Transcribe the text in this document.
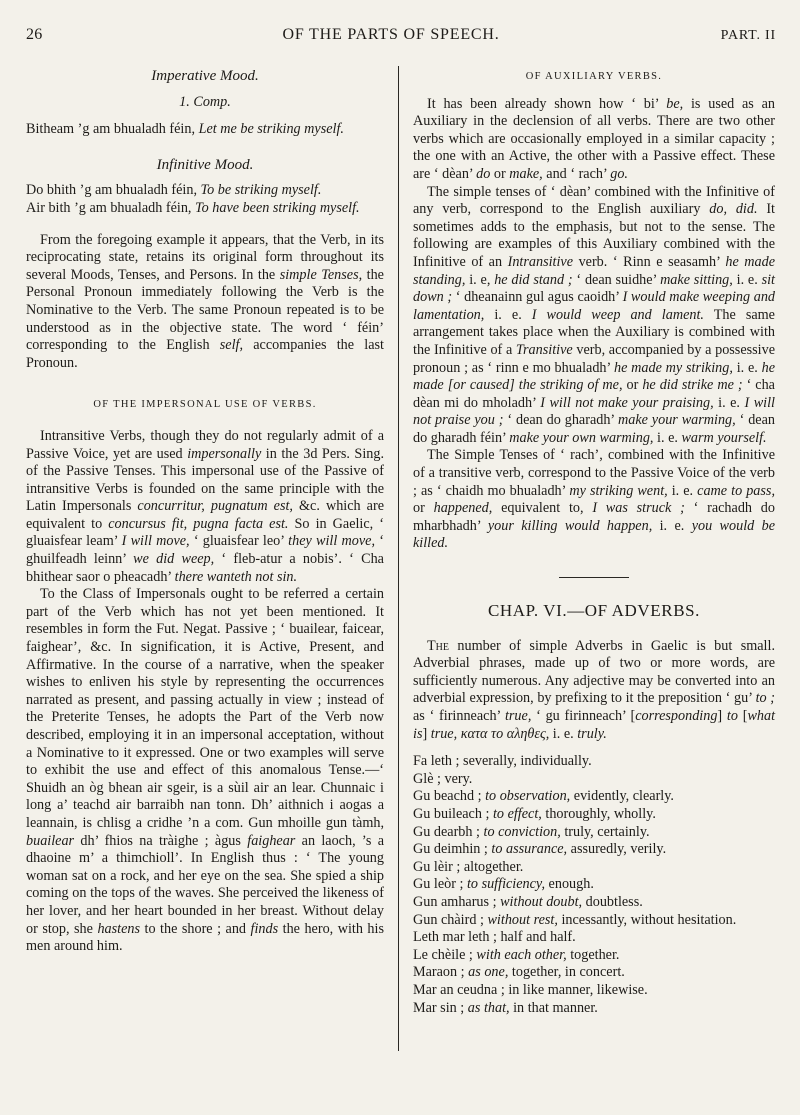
26	OF THE PARTS OF SPEECH.	PART. II

Imperative Mood.

1. Comp.

Bitheam ’g am bhualadh féin, Let me be striking myself.

Infinitive Mood.

Do bhith ’g am bhualadh féin, To be striking myself.

Air bith ’g am bhualadh féin, To have been striking myself.

From the foregoing example it appears, that the Verb, in its reciprocating state, retains its original form throughout its several Moods, Tenses, and Persons. In the simple Tenses, the Personal Pronoun immediately following the Verb is the Nominative to the Verb. The same Pronoun repeated is to be understood as in the objective state. The word ‘ féin’ corresponding to the English self, accompanies the last Pronoun.

OF THE IMPERSONAL USE OF VERBS.

Intransitive Verbs, though they do not regularly admit of a Passive Voice, yet are used impersonally in the 3d Pers. Sing. of the Passive Tenses. This impersonal use of the Passive of intransitive Verbs is founded on the same principle with the Latin Impersonals concurritur, pugnatum est, &c. which are equivalent to concursus fit, pugna facta est. So in Gaelic, ‘ gluaisfear leam’ I will move, ‘ gluaisfear leo’ they will move, ‘ ghuilfeadh leinn’ we did weep, ‘ fleb-atur a nobis’. ‘ Cha bhithear saor o pheacadh’ there wanteth not sin.

To the Class of Impersonals ought to be referred a certain part of the Verb which has not yet been mentioned. It resembles in form the Fut. Negat. Passive ; ‘ buailear, faicear, faighear’, &c. In signification, it is Active, Present, and Affirmative. In the course of a narrative, when the speaker wishes to enliven his style by representing the occurrences narrated as present, and passing actually in view ; instead of the Preterite Tenses, he adopts the Part of the Verb now described, employing it in an impersonal acceptation, without a Nominative to it expressed. One or two examples will serve to exhibit the use and effect of this anomalous Tense.—‘ Shuidh an òg bhean air sgeir, is a sùil air an lear. Chunnaic i long a’ teachd air barraibh nan tonn. Dh’ aithnich i aogas a leannain, is chlisg a cridhe ’n a com. Gun mhoille gun tàmh, buailear dh’ fhios na tràighe ; àgus faighear an laoch, ’s a dhaoine m’ a thimchioll’. In English thus : ‘ The young woman sat on a rock, and her eye on the sea. She spied a ship coming on the tops of the waves. She perceived the likeness of her lover, and her heart bounded in her breast. Without delay or stop, she hastens to the shore ; and finds the hero, with his men around him.

OF AUXILIARY VERBS.

It has been already shown how ‘ bi’ be, is used as an Auxiliary in the declension of all verbs. There are two other verbs which are occasionally employed in a similar capacity ; the one with an Active, the other with a Passive effect. These are ‘ dèan’ do or make, and ‘ rach’ go.

The simple tenses of ‘ dèan’ combined with the Infinitive of any verb, correspond to the English auxiliary do, did. It sometimes adds to the emphasis, but not to the sense. The following are examples of this Auxiliary combined with the Infinitive of an Intransitive verb. ‘ Rinn e seasamh’ he made standing, i. e, he did stand ; ‘ dean suidhe’ make sitting, i. e. sit down ; ‘ dheanainn gul agus caoidh’ I would make weeping and lamentation, i. e. I would weep and lament. The same arrangement takes place when the Auxiliary is combined with the Infinitive of a Transitive verb, accompanied by a possessive pronoun ; as ‘ rinn e mo bhualadh’ he made my striking, i. e. he made [or caused] the striking of me, or he did strike me ; ‘ cha dèan mi do mholadh’ I will not make your praising, i. e. I will not praise you ; ‘ dean do gharadh’ make your warming, ‘ dean do gharadh féin’ make your own warming, i. e. warm yourself.

The Simple Tenses of ‘ rach’, combined with the Infinitive of a transitive verb, correspond to the Passive Voice of the verb ; as ‘ chaidh mo bhualadh’ my striking went, i. e. came to pass, or happened, equivalent to, I was struck ; ‘ rachadh do mharbhadh’ your killing would happen, i. e. you would be killed.

CHAP. VI.—OF ADVERBS.

The number of simple Adverbs in Gaelic is but small. Adverbial phrases, made up of two or more words, are sufficiently numerous. Any adjective may be converted into an adverbial expression, by prefixing to it the preposition ‘ gu’ to ; as ‘ firinneach’ true, ‘ gu firinneach’ [corresponding] to [what is] true, κατα το αληθες, i. e. truly.

Fa leth ; severally, individually.

Glè ; very.

Gu beachd ; to observation, evidently, clearly.

Gu buileach ; to effect, thoroughly, wholly.

Gu dearbh ; to conviction, truly, certainly.

Gu deimhin ; to assurance, assuredly, verily.

Gu lèir ; altogether.

Gu leòr ; to sufficiency, enough.

Gun amharus ; without doubt, doubtless.

Gun chàird ; without rest, incessantly, without hesitation.

Leth mar leth ; half and half.

Le chèile ; with each other, together.

Maraon ; as one, together, in concert.

Mar an ceudna ; in like manner, likewise.

Mar sin ; as that, in that manner.
